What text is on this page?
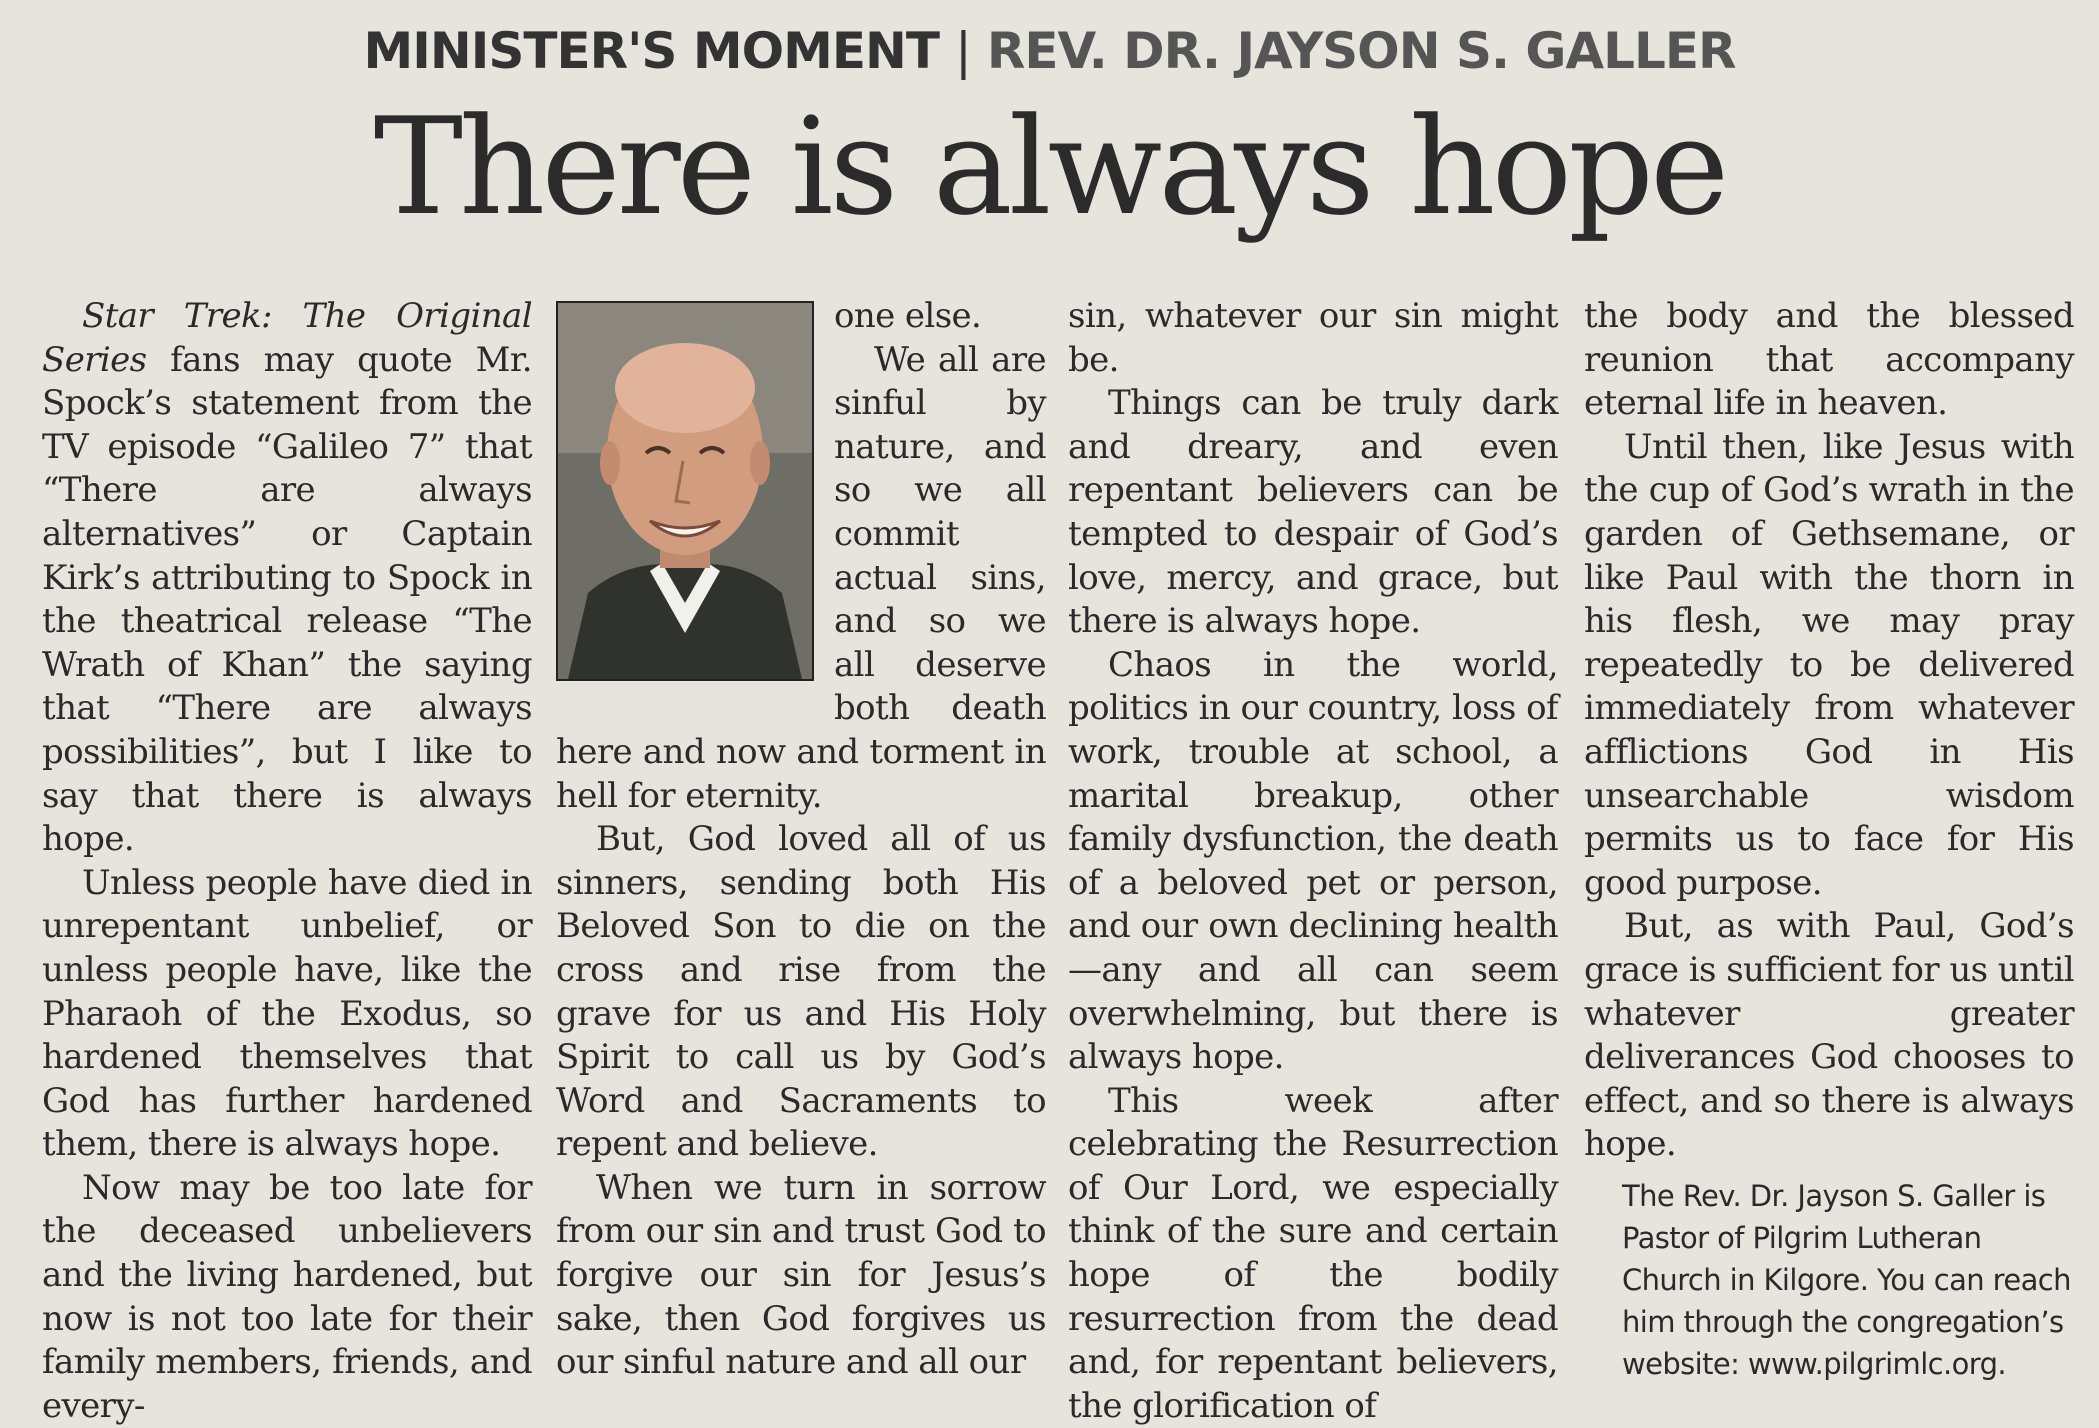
MINISTER'S MOMENT | REV. DR. JAYSON S. GALLER
There is always hope

Star Trek: The Original Series fans may quote Mr. Spock’s statement from the TV episode “Galileo 7” that “There are always alternatives” or Captain Kirk’s attributing to Spock in the theatrical release “The Wrath of Khan” the saying that “There are always possibilities”, but I like to say that there is always hope.

Unless people have died in unrepentant unbelief, or unless people have, like the Pharaoh of the Exodus, so hardened themselves that God has further hardened them, there is always hope.

Now may be too late for the deceased unbelievers and the living hardened, but now is not too late for their family members, friends, and every-

one else.

We all are sinful by nature, and so we all commit actual sins, and so we all deserve both death here and now and torment in hell for eternity.

But, God loved all of us sinners, sending both His Beloved Son to die on the cross and rise from the grave for us and His Holy Spirit to call us by God’s Word and Sacraments to repent and believe.

When we turn in sorrow from our sin and trust God to forgive our sin for Jesus’s sake, then God forgives us our sinful nature and all our

sin, whatever our sin might be.

Things can be truly dark and dreary, and even repentant believers can be tempted to despair of God’s love, mercy, and grace, but there is always hope.

Chaos in the world, politics in our country, loss of work, trouble at school, a marital breakup, other family dysfunction, the death of a beloved pet or person, and our own declining health—any and all can seem overwhelming, but there is always hope.

This week after celebrating the Resurrection of Our Lord, we especially think of the sure and certain hope of the bodily resurrection from the dead and, for repentant believers, the glorification of

the body and the blessed reunion that accompany eternal life in heaven.

Until then, like Jesus with the cup of God’s wrath in the garden of Gethsemane, or like Paul with the thorn in his flesh, we may pray repeatedly to be delivered immediately from whatever afflictions God in His unsearchable wisdom permits us to face for His good purpose.

But, as with Paul, God’s grace is sufficient for us until whatever greater deliverances God chooses to effect, and so there is always hope.

The Rev. Dr. Jayson S. Galler is Pastor of Pilgrim Lutheran Church in Kilgore. You can reach him through the congregation’s website: www.pilgrimlc.org.
